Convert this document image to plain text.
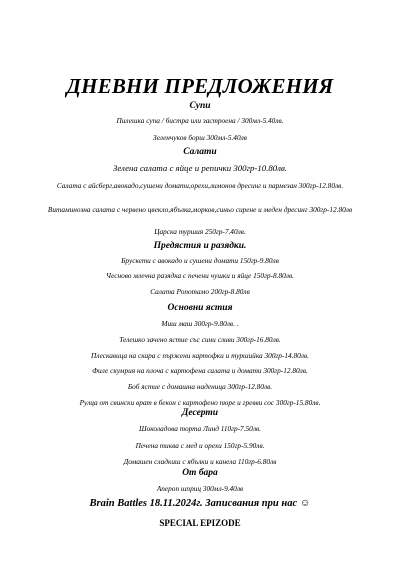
ДНЕВНИ ПРЕДЛОЖЕНИЯ
Супи
Пилешка супа / бистра или застроена / 300мл-5.40лв.
Зеленчуков борш 300мл-5.40лв
Салати
Зелена салата с яйце и репички 300гр-10.80лв.
Салата с айсберг,авокадо,сушени домати,орехи,лимонов дресинг и пармезан 300гр-12.80лв.
Витаминозна салата с червено цвекло,ябълка,морков,синьо сирене и меден дресинг 300гр-12.80лв
Царска туршия 250гр-7.40лв.
Предястия и разядки.
Брускети с авокадо и сушени домати 150гр-9.80лв
Чесново млечна разядка с печени чушки и яйце 150гр-8.80лв.
Салата Ропотамо 200гр-8.80лв
Основни ястия
Миш маш 300гр-9.80лв. .
Телешко зачено ястие със сини сливи 300гр-16.80лв.
Плескавица на скара с пържени картофки и туршийка 300гр-14.80лв.
Филе скумрия на плоча с картофена салата и домати 300гр-12.80лв.
Боб ястие с домашна наденица 300гр-12.80лв.
Рулца от свински врат в бекон с картофено пюре и гревви сос 300гр-15.80лв.
Десерти
Шоколадова торта Линд 110гр-7.50лв.
Печена тиква с мед и орехи 150гр-5.90лв.
Домашен сладкиш с ябълки и канела 110гр-6.80лв
От бара
Апероп шприц 300мл-9.40лв
Brain Battles 18.11.2024г. Записвания при нас ☺
SPECIAL EPIZODE
